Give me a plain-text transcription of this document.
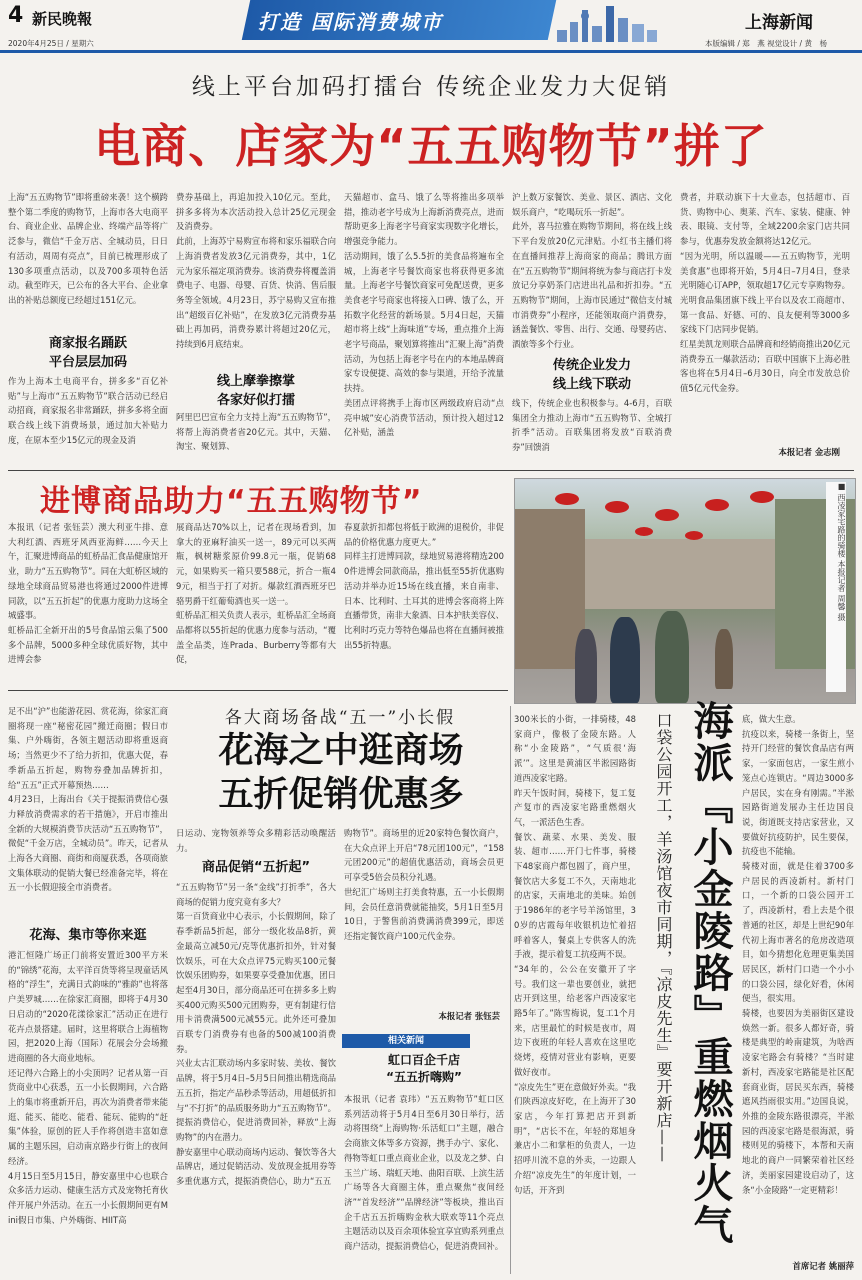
4 新民晚報
2020年4月25日 / 星期六
打造 国际消费城市	上海新闻
本版编辑 / 郑　燕 视觉设计 / 黄　杨
线上平台加码打擂台 传统企业发力大促销
电商、店家为“五五购物节”拼了
上海“五五购物节”即将重磅来袭！这个横跨整个第二季度的购物节，上海市各大电商平台、商业企业、品牌企业、终端产品等将广泛参与，微信“千金万店、全城动员，日日有活动，周周有亮点”，目前已梳理形成了130多项重点活动，以及700多项特色活动。截至昨天，已公布的各大平台、企业拿出的补贴总额度已经超过151亿元。
商家报名踊跃
平台层层加码
作为上海本土电商平台，拼多多“百亿补贴”与上海市“五五购物节”联合活动已经启动招商，商家报名非常踊跃，拼多多将全面联合线上线下消费场景，通过加大补贴力度，在原本至少15亿元的现金及消
费券基础上，再追加投入10亿元。至此，拼多多将为本次活动投入总计25亿元现金及消费券。
此前，上海苏宁易购宣布将和家乐福联合向上海消费者发放3亿元消费券，其中，1亿元为家乐福定项消费券。该消费券将覆盖消费电子、电器、母婴、百货、快消、售后服务等全领域。4月23日，苏宁易购又宣布推出“超级百亿补贴”，在发放3亿元消费券基础上再加码，消费券累计将超过20亿元，持续到6月底结束。
线上摩拳擦掌
各家好似打擂
阿里巴巴宣布全力支持上海“五五购物节”，将帮上海消费者省20亿元。其中，天猫、淘宝、聚划算、
天猫超市、盒马、饿了么等将推出多项举措，推动老字号成为上海新消费亮点，进而帮助更多上海老字号商家实现数字化增长，增强竞争能力。
活动期间，饿了么5.5折的美食品将遍布全城，上海老字号餐饮商家也将获得更多流量。上海老字号餐饮商家可免配送费，更多美食老字号商家也将接入口碑、饿了么，开拓数字化经营的新场景。5月4日起，天猫超市将上线“上海味道”专场，重点推介上海老字号商品，聚划算将推出“汇聚上海”消费活动，为包括上海老字号在内的本地品牌商家专设便捷、高效的参与渠道，开给予流量扶持。
美团点评将携手上海市区两级政府启动“点亮申城”安心消费节活动，预计投入超过12亿补贴，涵盖
沪上数万家餐饮、美业、景区、酒店、文化娱乐商户，“吃喝玩乐一折起”。
此外，喜马拉雅在购物节期间，将在线上线下平台发放20亿元津贴。小红书主播们将在直播间推荐上海商家的商品；腾讯方面在“五五购物节”期间将统为参与商店打卡发放记分享奶茶门店进出礼品和折扣券。“五五购物节”期间，上海市民通过“微信支付城市消费券”小程序，还能领取商户消费券，涵盖餐饮、零售、出行、交通、母婴药店、酒旅等多个行业。
传统企业发力
线上线下联动
线下，传统企业也积极参与。4-6月，百联集团全力推动上海市“五五购物节、全城打折季”活动。百联集团将发放“百联消费券”回馈消
费者，并联动旗下十大业态，包括超市、百货、购物中心、奥莱、汽车、家装、健康、钟表、眼镜、支付等，全域2200余家门店共同参与，优惠券发放金额将达12亿元。
“因为光明，所以温暖——五五购物节，光明美食惠”也即将开始，5月4日–7月4日，登录光明随心订APP，领取超17亿元专享购物券。光明食品集团旗下线上平台以及农工商超市、第一食品、好德、可的、良友便利等3000多家线下门店同步促销。
红星美凯龙则联合品牌商和经销商推出20亿元消费券五一爆款活动；百联中国旗下上海必胜客也将在5月4日–6月30日，向全市发放总价值5亿元代金券。
本报记者 金志刚
进博商品助力“五五购物节”
本报讯（记者 张钰芸）澳大利亚牛排、意大利红酒、西班牙风西亚海鲜……今天上午，汇聚进博商品的虹桥品汇食品健康馆开业，助力“五五购物节”。同在大虹桥区域的绿地全球商品贸易港也将通过2000件进博同款，以“五五折起”的优惠力度助力这场全城盛事。
虹桥品汇全新开出的5号食品馆云集了500多个品牌，5000多种全球优质好物，其中进博会参
展商品达70%以上，记者在现场看到，加拿大的亚麻籽油买一送一，89元可以买两瓶，枫树糖浆原价99.8元一瓶，促销68元，如果购买一箱只要588元，折合一瓶49元，相当于打了对折。爆款红酒西班牙巴骆男爵干红葡萄酒也买一送一。
虹桥品汇相关负责人表示，虹桥品汇全场商品都将以55折起的优惠力度参与活动，“覆盖全品类，连Prada、Burberry等都有大促，
春夏款折扣都包将低于欧洲的退税价，非促品的价格优惠力度更大。”
同样主打进博同款，绿地贸易港将精选2000件进博会同款商品，推出低至55折优惠购活动并举办近15场在线直播，来自南非、日本、比利时、土耳其的进博会客商将上阵直播带货，南非大象酒、日本护肤美容仪、比利时巧克力等特色爆品也将在直播间被推出55折特惠。
■ 西凌家宅路的骑楼 本报记者 周馨 摄
各大商场备战“五一”小长假
花海之中逛商场
五折促销优惠多
足不出“沪”也能游花园、赏花海，徐家汇商圈将现一座“秘密花园”搬迁商圈；假日市集、户外嗨街，各领主题活动即将重返商场；当然更少不了给力折扣，优惠大促，春季新品五折起，购物券叠加品牌折扣，给“五五”正式开幕预热……
4月23日，上海出台《关于提振消费信心强力释放消费需求的若干措施》，开启市推出全新的大规模消费节庆活动“五五购物节”，微促“千金万店，全城动员”。昨天，记者从上海各大商圈、商街和商厦获悉，各项商旅文集体联动的促销大餐已经准备完毕，将在五一小长假迎接全市消费者。
花海、集市等你来逛
港汇恒隆广场正门前将安置近300平方米的“锦绣”花海，太平洋百货等将呈现童话风格的“浮生”，充满日式韵味的“雅韵”也将落户美罗城……在徐家汇商圈，即将于4月30日启动的“2020花漾徐家汇”活动正在进行花卉点景搭建。届时，这里将联合上海植物园，把2020上海（国际）花展会分会场搬进商圈的各大商业地标。
还记得六合路上的小尖顶吗？记者从第一百货商业中心获悉，五一小长假期间，六合路上的集市将重新开启，再次为消费者带来能逛、能买、能吃、能看、能玩、能购的“赶集”体验，原创的匠人手作将创造丰富如意属的主题乐园，启动南京路步行街上的夜间经济。
4月15日至5月15日，静安嘉里中心也联合众多活力运动、健康生活方式及宠物托育伙伴开展户外活动。在五一小长假期间更有Mini假日市集、户外嗨街、HIIT高
日运动、宠物领养等众多精彩活动唤醒活力。
商品促销“五折起”
“五五购物节”另一条“金线”打折季”，各大商场的促销力度究竟有多大？
第一百货商业中心表示，小长假期间，除了春季新品5折起，部分一级化妆品8折，黄金最高立减50元/克等优惠折扣外，针对餐饮娱乐，可在大众点评75元购买100元餐饮娱乐团购券，如果要享受叠加优惠，团日起至4月30日，部分商品还可在拼多多上购买400元购买500元团购券，更有制建行信用卡消费满500元减55元。此外还可叠加百联专门消费券有也备的500减100消费券。
兴业太古汇联动场内多家时装、美妆、餐饮品牌，将于5月4日–5月5日间推出精选商品五五折，指定产品秒杀等活动，用超低折扣与“不打折”的品质服务助力“五五购物节”。提振消费信心，促进消费回补，释放“上海购物”的内在潜力。
静安嘉里中心联动商场内运动、餐饮等各大品牌店，通过促销活动、发放现金抵用券等多重优惠方式，提振消费信心，助力“五五
购物节”。商场里的近20家特色餐饮商户，在大众点评上开启“78元团100元”，“158元团200元”的超值优惠活动，商场会员更可享受5倍会员积分礼遇。
世纪汇广场则主打美食特惠，五一小长假期间，会员任意消费就能抽奖，5月1日至5月10日，于警售前消费满消费399元，即送还指定餐饮商户100元代金券。
本报记者 张钰芸
相关新闻
虹口百企千店
“五五折嗨购”
本报讯（记者 袁玮）“五五购物节”虹口区系列活动将于5月4日至6月30日举行，活动将围绕“上海购物·乐活虹口”主题，融合会商旅文体等多方资源，携手办宁、家化、得物等虹口重点商业企业，以及龙之梦、白玉兰广场、瑞虹天地、曲阳百联、上滨生活广场等各大商圈主体，重点聚焦“夜间经济”“首发经济”“品牌经济”等板块，推出百企千店五五折嗨购金秋大联欢等11个亮点主题活动以及百余项体验宜享宜购系列重点商户活动，提振消费信心，促进消费回补。
海派『小金陵路』重燃烟火气
口袋公园开工，羊汤馆夜市同期，『凉皮先生』要开新店——
300米长的小街，一排骑楼，48家商户，像极了金陵东路。人称“小金陵路”，“气质很‘海派’”。这里是黄浦区半淞园路街道西凌家宅路。
昨天午饭时间，骑楼下，复工复产复市的西凌家宅路重燃烟火气，一派活色生香。
餐饮、蔬菜、水果、美发、服装、超市……开门七件事，骑楼下48家商户都包圆了，商户里，餐饮店大多复工不久，天南地北的店家，天南地北的美味。始创于1986年的老字号羊汤馆里，30岁的店霞每年收银机边忙着招呼着客人，餐桌上专供客人的洗手液，提示着复工抗疫两不误。
“34年的，公公在安徽开了字号。我们这一辈也要创业，就把店开到这里，给老客户西凌家宅路5年了。”陈雪梅说，复工1个月来，店里最忙的时候是夜市，周边下夜班的年轻人喜欢在这里吃烧烤，疫情对营业有影响，更要做好夜市。
“凉皮先生”更在意做好外卖。“我们陕西凉皮好吃，在上海开了30家店，今年打算把店开到新明”，“店长不在，年轻的郑旭身兼店小二和掌柜的负责人，一边招呼川流不息的外卖，一边跟人介绍“凉皮先生”的年度计划，一句话，开齐到
底，做大生意。
抗疫以来，骑楼一条街上，坚持开门经营的餐饮食品店有两家，一家面包店，一家生煎小笼点心连锁店。“周边3000多户居民，实在身有刚需。”半淞园路街道发展办主任边国良说，街道既支持店家营业，又要做好抗疫防护，民生要保，抗疫也不能输。
骑楼对面，就是住着3700多户居民的西凌新村。新村门口，一个新的口袋公园开工了，西凌新村，看上去是个很普通的社区，却是上世纪90年代初上海市著名的危房改造项目，如今猜想化危理更集美国居民区，新村门口造一个小小的口袋公园，绿化好看，休闲便当，很实用。
骑楼，也要因为美丽街区建设焕然一新。很多人都好奇，骑楼是典型的岭南建筑，为啥西凌家宅路会有骑楼？“当时建新村，西凌家宅路能是社区配套商业街，居民买东西，骑楼遮风挡雨很实用。”边国良说，外推的金陵东路很漂亮，半淞园的西凌家宅路是很海派，骑楼则见的骑楼下，本帮和天南地北的商户一同繁荣着社区经济，美丽家园建设启动了，这条“小金陵路”一定更精彩！
首席记者 姚丽萍
